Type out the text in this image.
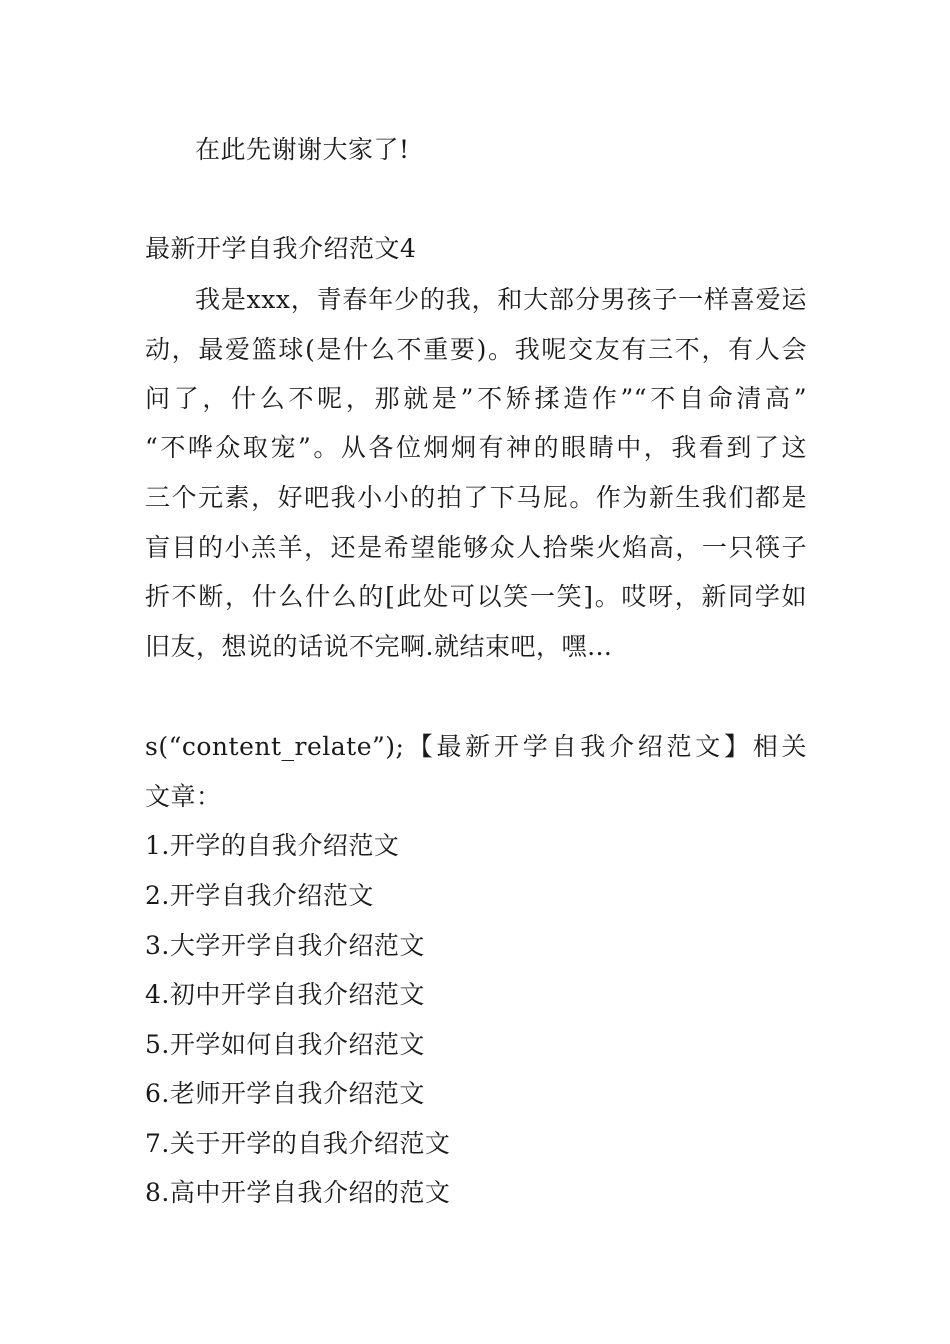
在此先谢谢大家了!
最新开学自我介绍范文4
我是xxx，青春年少的我，和大部分男孩子一样喜爱运
动，最爱篮球(是什么不重要)。我呢交友有三不，有人会
问了，什么不呢，那就是”不矫揉造作”“不自命清高”
“不哗众取宠”。从各位炯炯有神的眼睛中，我看到了这
三个元素，好吧我小小的拍了下马屁。作为新生我们都是
盲目的小羔羊，还是希望能够众人拾柴火焰高，一只筷子
折不断，什么什么的[此处可以笑一笑]。哎呀，新同学如
旧友，想说的话说不完啊.就结束吧，嘿…
s(“content_relate”);【最新开学自我介绍范文】相关
文章：
1.开学的自我介绍范文
2.开学自我介绍范文
3.大学开学自我介绍范文
4.初中开学自我介绍范文
5.开学如何自我介绍范文
6.老师开学自我介绍范文
7.关于开学的自我介绍范文
8.高中开学自我介绍的范文
